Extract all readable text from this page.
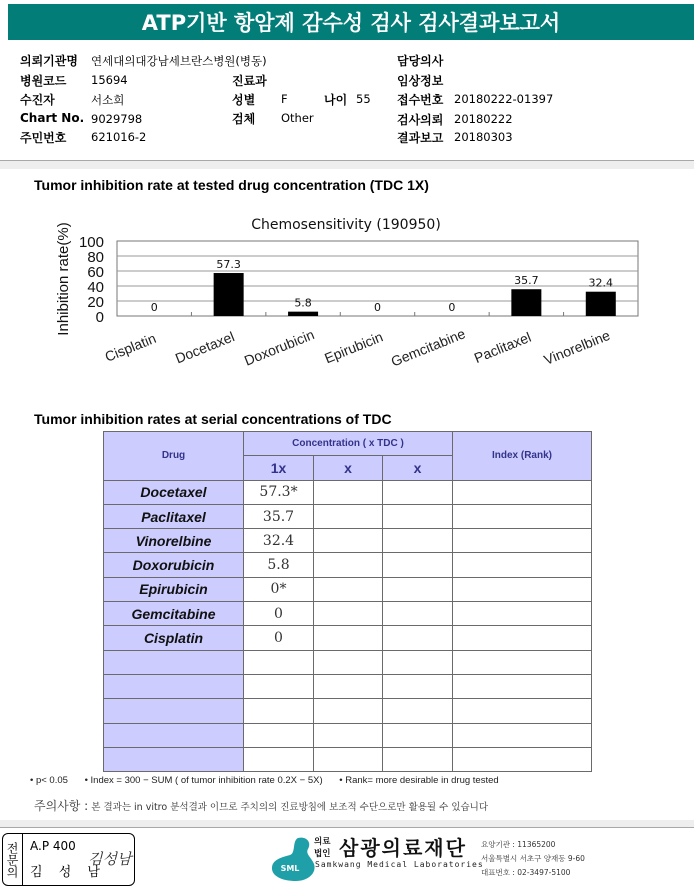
ATP기반 항암제 감수성 검사 검사결과보고서
의뢰기관명 연세대의대강남세브란스병원(병동)
병원코드 15694
수진자	서소희
Chart No. 9029798
주민번호 621016-2
진료과
성별 F	나이 55
검체 Other
담당의사
임상정보
접수번호 20180222-01397
검사의뢰 20180222
결과보고 20180303
Tumor inhibition rate at tested drug concentration (TDC 1X)
Chemosensitivity (190950)
Inhibition rate(%) 0
20
40
60
80
100
0
57.3
5.8	0	0
35.7	32.4
Cisplatin Docetaxel Doxorubicin Epirubicin Gemcitabine Paclitaxel Vinorelbine
Tumor inhibition rates at serial concentrations of TDC
Drug	Concentration ( x TDC )			Index (Rank)
	1x	x	x	
Docetaxel	57.3*			
Paclitaxel	35.7			
Vinorelbine	32.4			
Doxorubicin	5.8			
Epirubicin	0*			
Gemcitabine	0			
Cisplatin	0			

• p< 0.05 • Index = 300 − SUM ( of tumor inhibition rate 0.2X − 5X) • Rank= more desirable in drug tested
주의사항 : 본 결과는 in vitro 분석결과 이므로 주치의의 진료방침에 보조적 수단으로만 활용될 수 있습니다
전문의 A.P 400
김 성 남
김성남
SML
의료 법인 삼광의료재단
Samkwang Medical Laboratories
요양기관 : 11365200
서울특별시 서초구 양재동 9-60
대표번호 : 02-3497-5100
